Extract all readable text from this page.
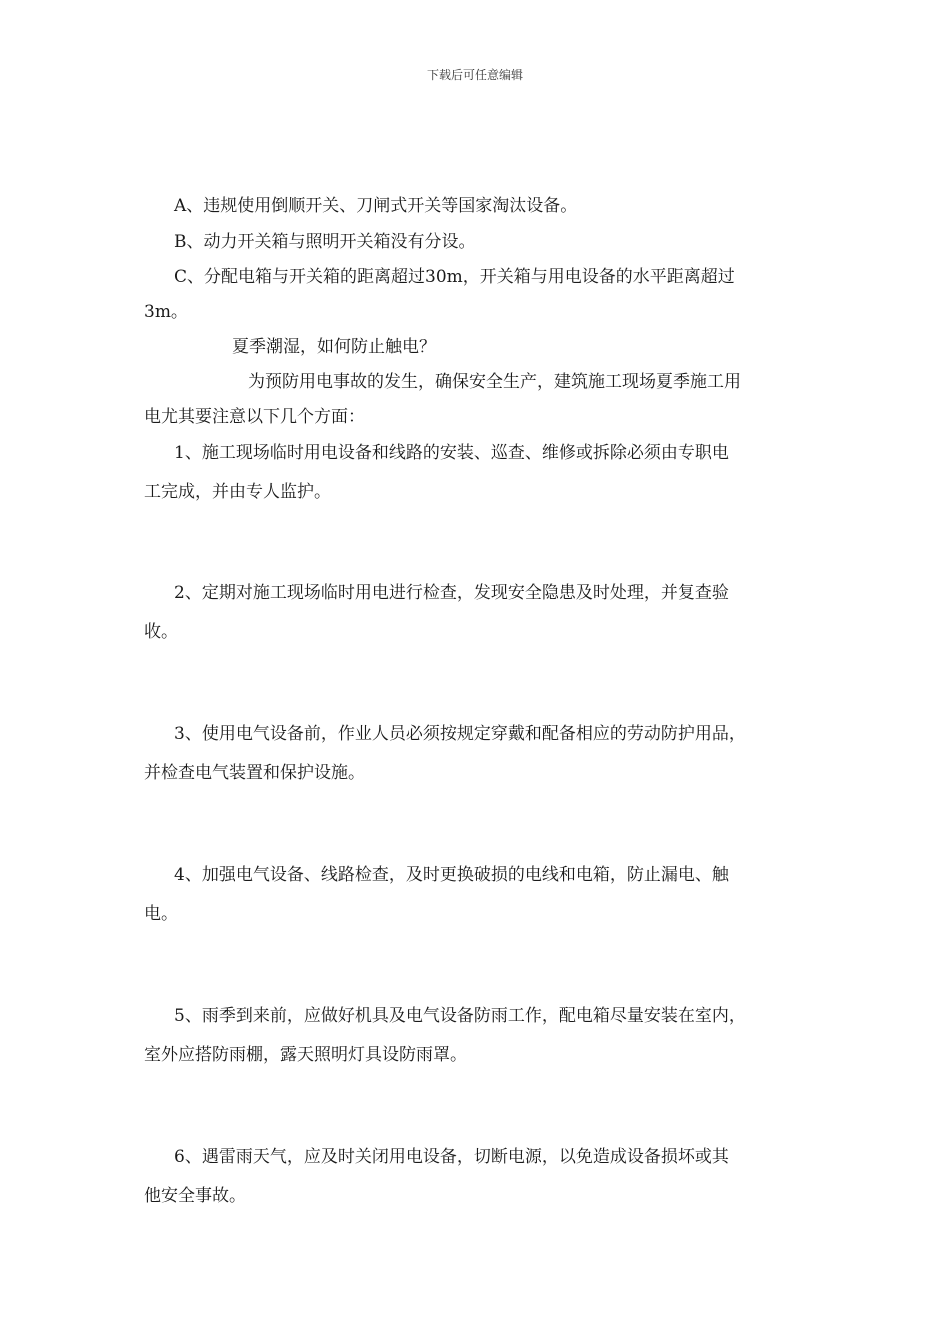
下载后可任意编辑
A、违规使用倒顺开关、刀闸式开关等国家淘汰设备。
B、动力开关箱与照明开关箱没有分设。
C、分配电箱与开关箱的距离超过30m，开关箱与用电设备的水平距离超过
3m。
夏季潮湿，如何防止触电？
为预防用电事故的发生，确保安全生产，建筑施工现场夏季施工用
电尤其要注意以下几个方面：
1、施工现场临时用电设备和线路的安装、巡查、维修或拆除必须由专职电
工完成，并由专人监护。
2、定期对施工现场临时用电进行检查，发现安全隐患及时处理，并复查验
收。
3、使用电气设备前，作业人员必须按规定穿戴和配备相应的劳动防护用品，
并检查电气装置和保护设施。
4、加强电气设备、线路检查，及时更换破损的电线和电箱，防止漏电、触
电。
5、雨季到来前，应做好机具及电气设备防雨工作，配电箱尽量安装在室内，
室外应搭防雨棚，露天照明灯具设防雨罩。
6、遇雷雨天气，应及时关闭用电设备，切断电源，以免造成设备损坏或其
他安全事故。
